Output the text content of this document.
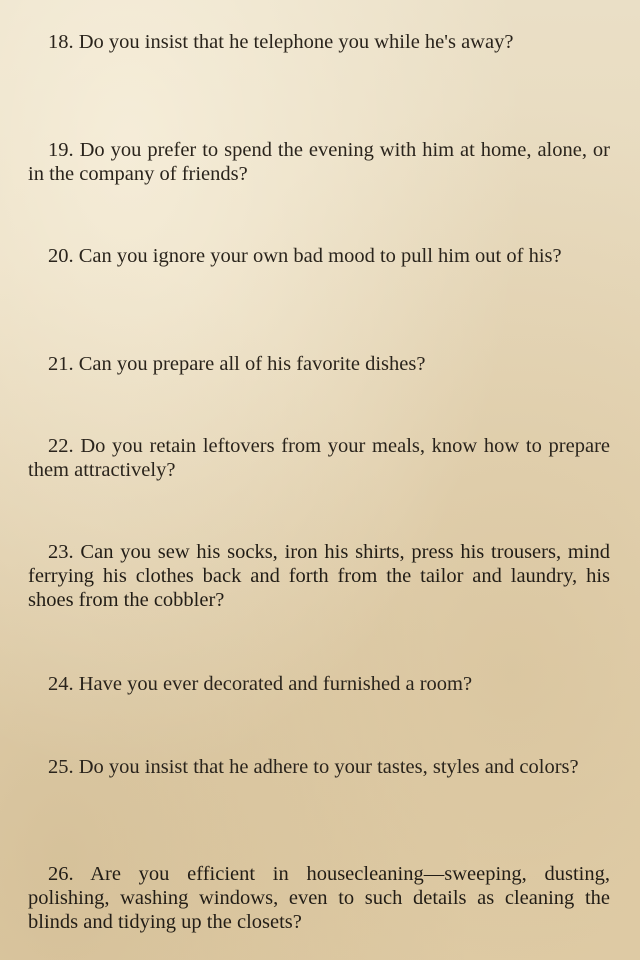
18. Do you insist that he telephone you while he's away?

19. Do you prefer to spend the evening with him at home, alone, or in the company of friends?

20. Can you ignore your own bad mood to pull him out of his?

21. Can you prepare all of his favorite dishes?

22. Do you retain leftovers from your meals, know how to prepare them attractively?

23. Can you sew his socks, iron his shirts, press his trousers, mind ferrying his clothes back and forth from the tailor and laundry, his shoes from the cobbler?

24. Have you ever decorated and furnished a room?

25. Do you insist that he adhere to your tastes, styles and colors?

26. Are you efficient in housecleaning—sweeping, dusting, polishing, washing windows, even to such details as cleaning the blinds and tidying up the closets?
